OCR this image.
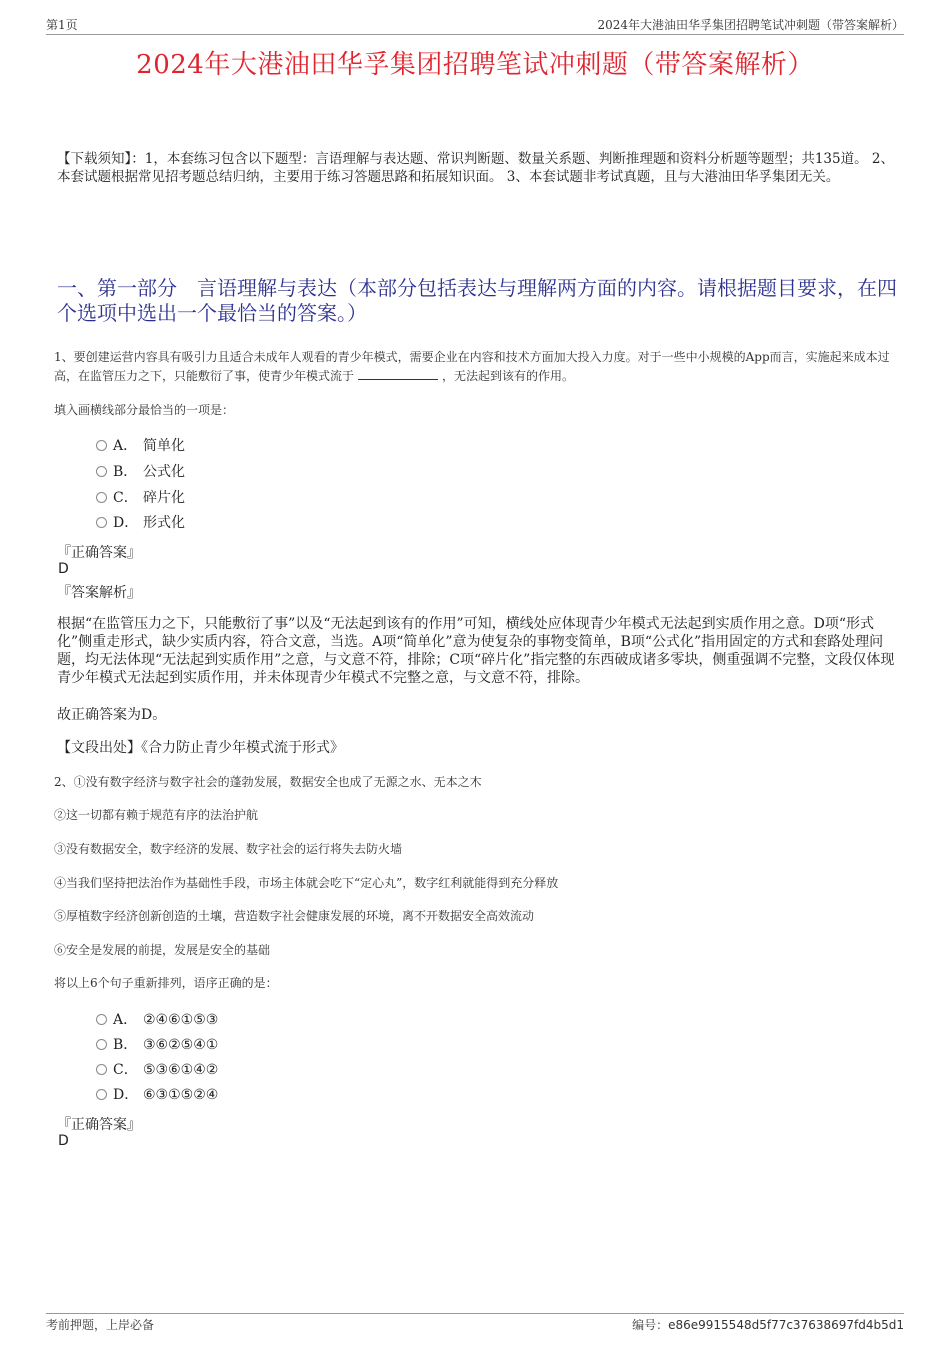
第1页	2024年大港油田华孚集团招聘笔试冲刺题（带答案解析）
2024年大港油田华孚集团招聘笔试冲刺题（带答案解析）
【下载须知】：1，本套练习包含以下题型：言语理解与表达题、常识判断题、数量关系题、判断推理题和资料分析题等题型；共135道。 2、本套试题根据常见招考题总结归纳，主要用于练习答题思路和拓展知识面。 3、本套试题非考试真题，且与大港油田华孚集团无关。
一、第一部分　言语理解与表达（本部分包括表达与理解两方面的内容。请根据题目要求，在四个选项中选出一个最恰当的答案。）
1、要创建运营内容具有吸引力且适合未成年人观看的青少年模式，需要企业在内容和技术方面加大投入力度。对于一些中小规模的App而言，实施起来成本过高，在监管压力之下，只能敷衍了事，使青少年模式流于	，无法起到该有的作用。
填入画横线部分最恰当的一项是：
A． 简单化
B． 公式化
C． 碎片化
D． 形式化
『正确答案』
D
『答案解析』
根据“在监管压力之下，只能敷衍了事”以及“无法起到该有的作用”可知，横线处应体现青少年模式无法起到实质作用之意。D项“形式化”侧重走形式，缺少实质内容，符合文意，当选。A项“简单化”意为使复杂的事物变简单，B项“公式化”指用固定的方式和套路处理问题，均无法体现“无法起到实质作用”之意，与文意不符，排除；C项“碎片化”指完整的东西破成诸多零块，侧重强调不完整，文段仅体现青少年模式无法起到实质作用，并未体现青少年模式不完整之意，与文意不符，排除。
故正确答案为D。
【文段出处】《合力防止青少年模式流于形式》
2、①没有数字经济与数字社会的蓬勃发展，数据安全也成了无源之水、无本之木
②这一切都有赖于规范有序的法治护航
③没有数据安全，数字经济的发展、数字社会的运行将失去防火墙
④当我们坚持把法治作为基础性手段，市场主体就会吃下“定心丸”，数字红利就能得到充分释放
⑤厚植数字经济创新创造的土壤，营造数字社会健康发展的环境，离不开数据安全高效流动
⑥安全是发展的前提，发展是安全的基础
将以上6个句子重新排列，语序正确的是：
A． ②④⑥①⑤③
B． ③⑥②⑤④①
C． ⑤③⑥①④②
D． ⑥③①⑤②④
『正确答案』
D
考前押题，上岸必备	编号：e86e9915548d5f77c37638697fd4b5d1
